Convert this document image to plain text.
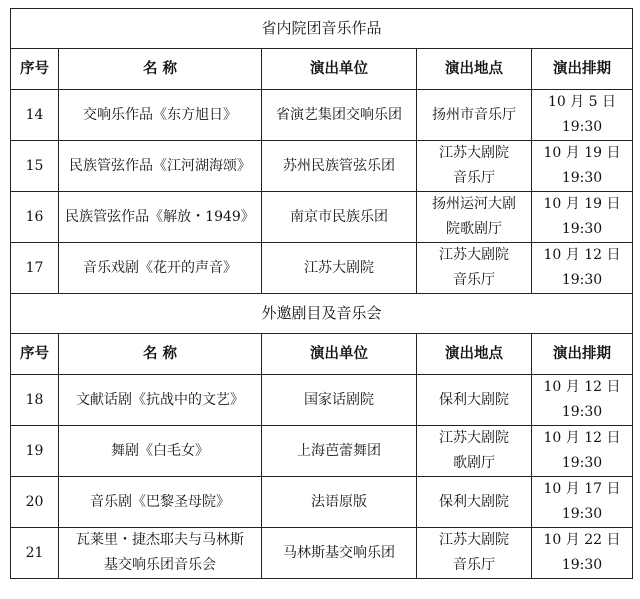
省内院团音乐作品				
序号	名 称	演出单位	演出地点	演出排期
14	交响乐作品《东方旭日》	省演艺集团交响乐团	扬州市音乐厅	10 月 5 日
19:30

15	民族管弦作品《江河湖海颂》	苏州民族管弦乐团	江苏大剧院
音乐厅	10 月 19 日
19:30

16	民族管弦作品《解放・1949》	南京市民族乐团	扬州运河大剧
院歌剧厅	10 月 19 日
19:30

17	音乐戏剧《花开的声音》	江苏大剧院	江苏大剧院
音乐厅	10 月 12 日
19:30

外邀剧目及音乐会				
序号	名 称	演出单位	演出地点	演出排期
18	文献话剧《抗战中的文艺》	国家话剧院	保利大剧院	10 月 12 日
19:30

19	舞剧《白毛女》	上海芭蕾舞团	江苏大剧院
歌剧厅	10 月 12 日
19:30

20	音乐剧《巴黎圣母院》	法语原版	保利大剧院	10 月 17 日
19:30

21	瓦莱里・捷杰耶夫与马林斯
基交响乐团音乐会	马林斯基交响乐团	江苏大剧院
音乐厅	10 月 22 日
19:30
